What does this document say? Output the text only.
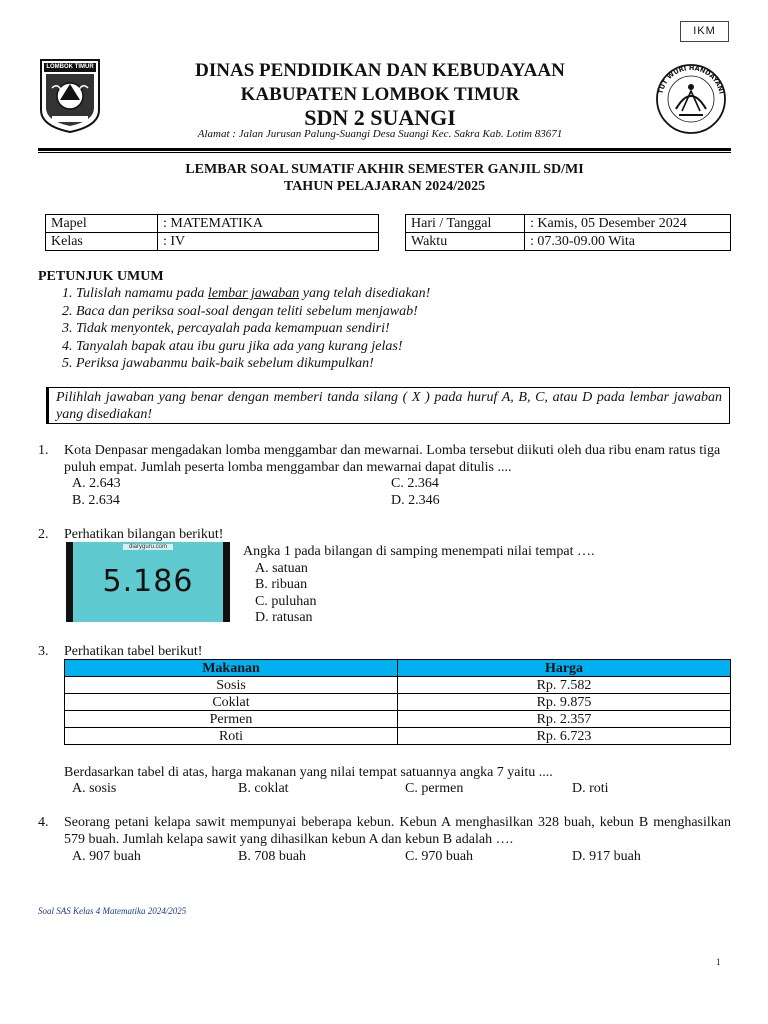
IKM
LOMBOK TIMUR	DINAS PENDIDIKAN DAN KEBUDAYAAN
KABUPATEN LOMBOK TIMUR
SDN 2 SUANGI
Alamat : Jalan Jurusan Palung-Suangi Desa Suangi Kec. Sakra Kab. Lotim 83671
TUT WURI HANDAYANI
LEMBAR SOAL SUMATIF AKHIR SEMESTER GANJIL SD/MI
TAHUN PELAJARAN 2024/2025
Mapel	: MATEMATIKA
Kelas	: IV
Hari / Tanggal	: Kamis, 05 Desember 2024
Waktu	: 07.30-09.00 Wita
PETUNJUK UMUM
1. Tulislah namamu pada lembar jawaban yang telah disediakan!
2. Baca dan periksa soal-soal dengan teliti sebelum menjawab!
3. Tidak menyontek, percayalah pada kemampuan sendiri!
4. Tanyalah bapak atau ibu guru jika ada yang kurang jelas!
5. Periksa jawabanmu baik-baik sebelum dikumpulkan!
Pilihlah jawaban yang benar dengan memberi tanda silang ( X ) pada huruf A, B, C, atau D pada lembar jawaban yang disediakan!
1. Kota Denpasar mengadakan lomba menggambar dan mewarnai. Lomba tersebut diikuti oleh dua ribu enam ratus tiga puluh empat. Jumlah peserta lomba menggambar dan mewarnai dapat ditulis ....
A. 2.643
B. 2.634
C. 2.364
D. 2.346
2. Perhatikan bilangan berikut!
diaryguru.com
5.186
Angka 1 pada bilangan di samping menempati nilai tempat ….
A. satuan
B. ribuan
C. puluhan
D. ratusan
3. Perhatikan tabel berikut!
Makanan	Harga
Sosis	Rp. 7.582
Coklat	Rp. 9.875
Permen	Rp. 2.357
Roti	Rp. 6.723
Berdasarkan tabel di atas, harga makanan yang nilai tempat satuannya angka 7 yaitu ....
A. sosis	B. coklat	C. permen	D. roti
4. Seorang petani kelapa sawit mempunyai beberapa kebun. Kebun A menghasilkan 328 buah, kebun B menghasilkan 579 buah. Jumlah kelapa sawit yang dihasilkan kebun A dan kebun B adalah ….
A. 907 buah	B. 708 buah	C. 970 buah	D. 917 buah
Soal SAS Kelas 4 Matematika 2024/2025
1
